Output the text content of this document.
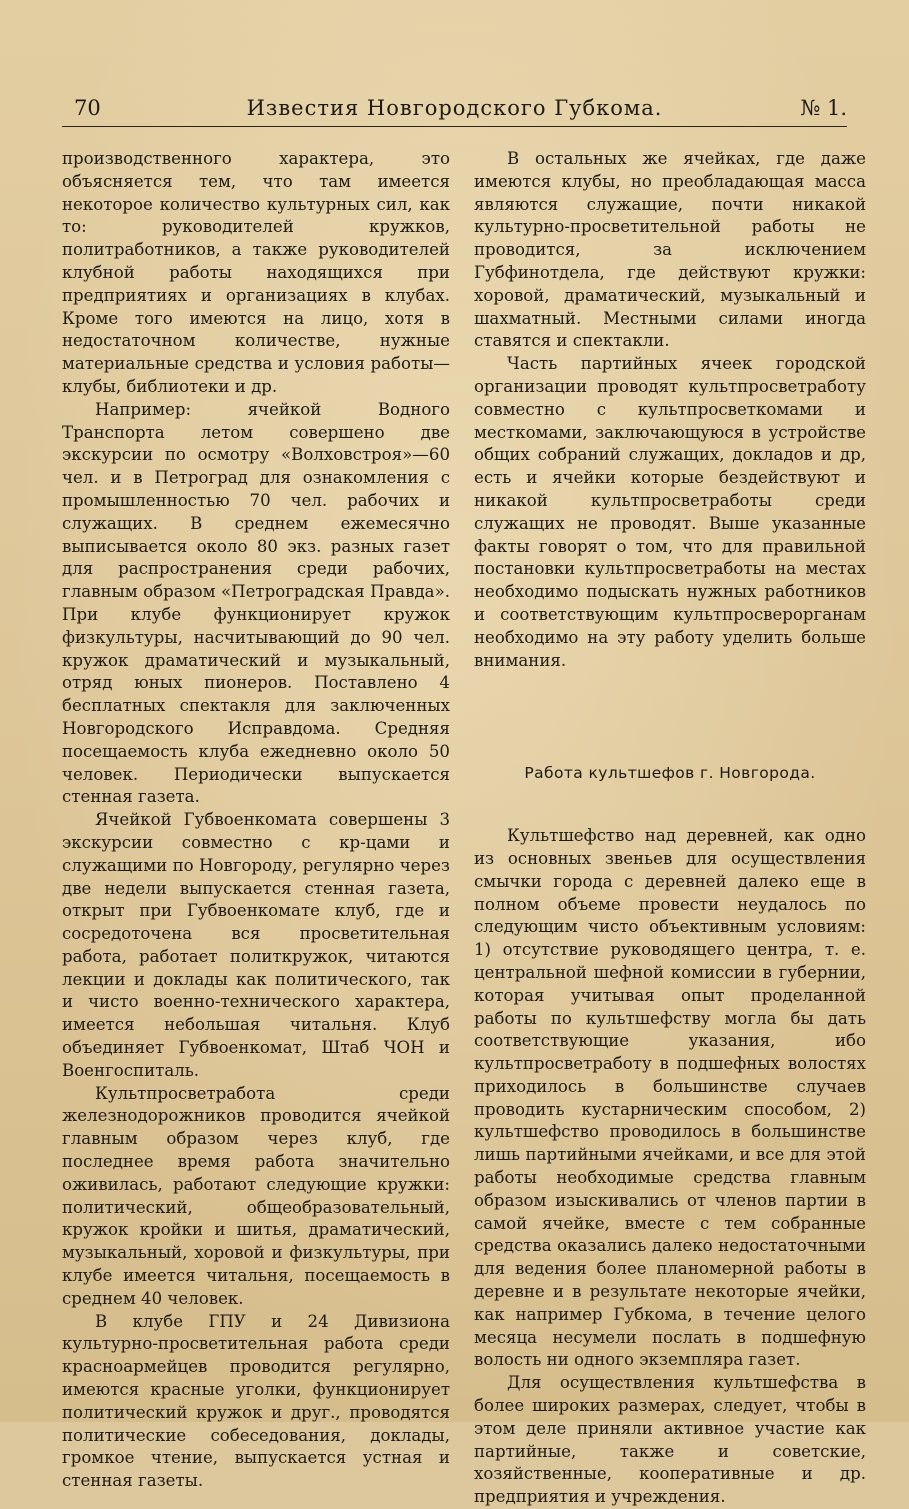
70	Известия Новгородского Губкома.	№ 1.

производственного характера, это объясняется тем, что там имеется некоторое количество культурных сил, как то: руководителей кружков, политработников, а также руководителей клубной работы находящихся при предприятиях и организациях в клубах. Кроме того имеются на лицо, хотя в недостаточном количестве, нужные материальные средства и условия работы—клубы, библиотеки и др.

Например: ячейкой Водного Транспорта летом совершено две экскурсии по осмотру «Волховстроя»—60 чел. и в Петроград для ознакомления с промышленностью 70 чел. рабочих и служащих. В среднем ежемесячно выписывается около 80 экз. разных газет для распространения среди рабочих, главным образом «Петроградская Правда». При клубе функционирует кружок физкультуры, насчитывающий до 90 чел. кружок драматический и музыкальный, отряд юных пионеров. Поставлено 4 бесплатных спектакля для заключенных Новгородского Исправдома. Средняя посещаемость клуба ежедневно около 50 человек. Периодически выпускается стенная газета.

Ячейкой Губвоенкомата совершены 3 экскурсии совместно с кр-цами и служащими по Новгороду, регулярно через две недели выпускается стенная газета, открыт при Губвоенкомате клуб, где и сосредоточена вся просветительная работа, работает политкружок, читаются лекции и доклады как политического, так и чисто военно-технического характера, имеется небольшая читальня. Клуб объединяет Губвоенкомат, Штаб ЧОН и Военгоспиталь.

Культпросветработа среди железнодорожников проводится ячейкой главным образом через клуб, где последнее время работа значительно оживилась, работают следующие кружки: политический, общеобразовательный, кружок кройки и шитья, драматический, музыкальный, хоровой и физкультуры, при клубе имеется читальня, посещаемость в среднем 40 человек.

В клубе ГПУ и 24 Дивизиона культурно-просветительная работа среди красноармейцев проводится регулярно, имеются красные уголки, функционирует политический кружок и друг., проводятся политические собеседования, доклады, громкое чтение, выпускается устная и стенная газеты.

В остальных же ячейках, где даже имеются клубы, но преобладающая масса являются служащие, почти никакой культурно-просветительной работы не проводится, за исключением Губфинотдела, где действуют кружки: хоровой, драматический, музыкальный и шахматный. Местными силами иногда ставятся и спектакли.

Часть партийных ячеек городской организации проводят культпросветработу совместно с культпросветкомами и месткомами, заключающуюся в устройстве общих собраний служащих, докладов и др, есть и ячейки которые бездействуют и никакой культпросветработы среди служащих не проводят. Выше указанные факты говорят о том, что для правильной постановки культпросветработы на местах необходимо подыскать нужных работников и соответствующим культпросверорганам необходимо на эту работу уделить больше внимания.

Работа культшефов г. Новгорода.

Культшефство над деревней, как одно из основных звеньев для осуществления смычки города с деревней далеко еще в полном объеме провести неудалось по следующим чисто объективным условиям: 1) отсутствие руководящего центра, т. е. центральной шефной комиссии в губернии, которая учитывая опыт проделанной работы по культшефству могла бы дать соответствующие указания, ибо культпросветработу в подшефных волостях приходилось в большинстве случаев проводить кустарническим способом, 2) культшефство проводилось в большинстве лишь партийными ячейками, и все для этой работы необходимые средства главным образом изыскивались от членов партии в самой ячейке, вместе с тем собранные средства оказались далеко недостаточными для ведения более планомерной работы в деревне и в результате некоторые ячейки, как например Губкома, в течение целого месяца несумели послать в подшефную волость ни одного экземпляра газет.

Для осуществления культшефства в более широких размерах, следует, чтобы в этом деле приняли активное участие как партийные, также и советские, хозяйственные, кооперативные и др. предприятия и учреждения.
